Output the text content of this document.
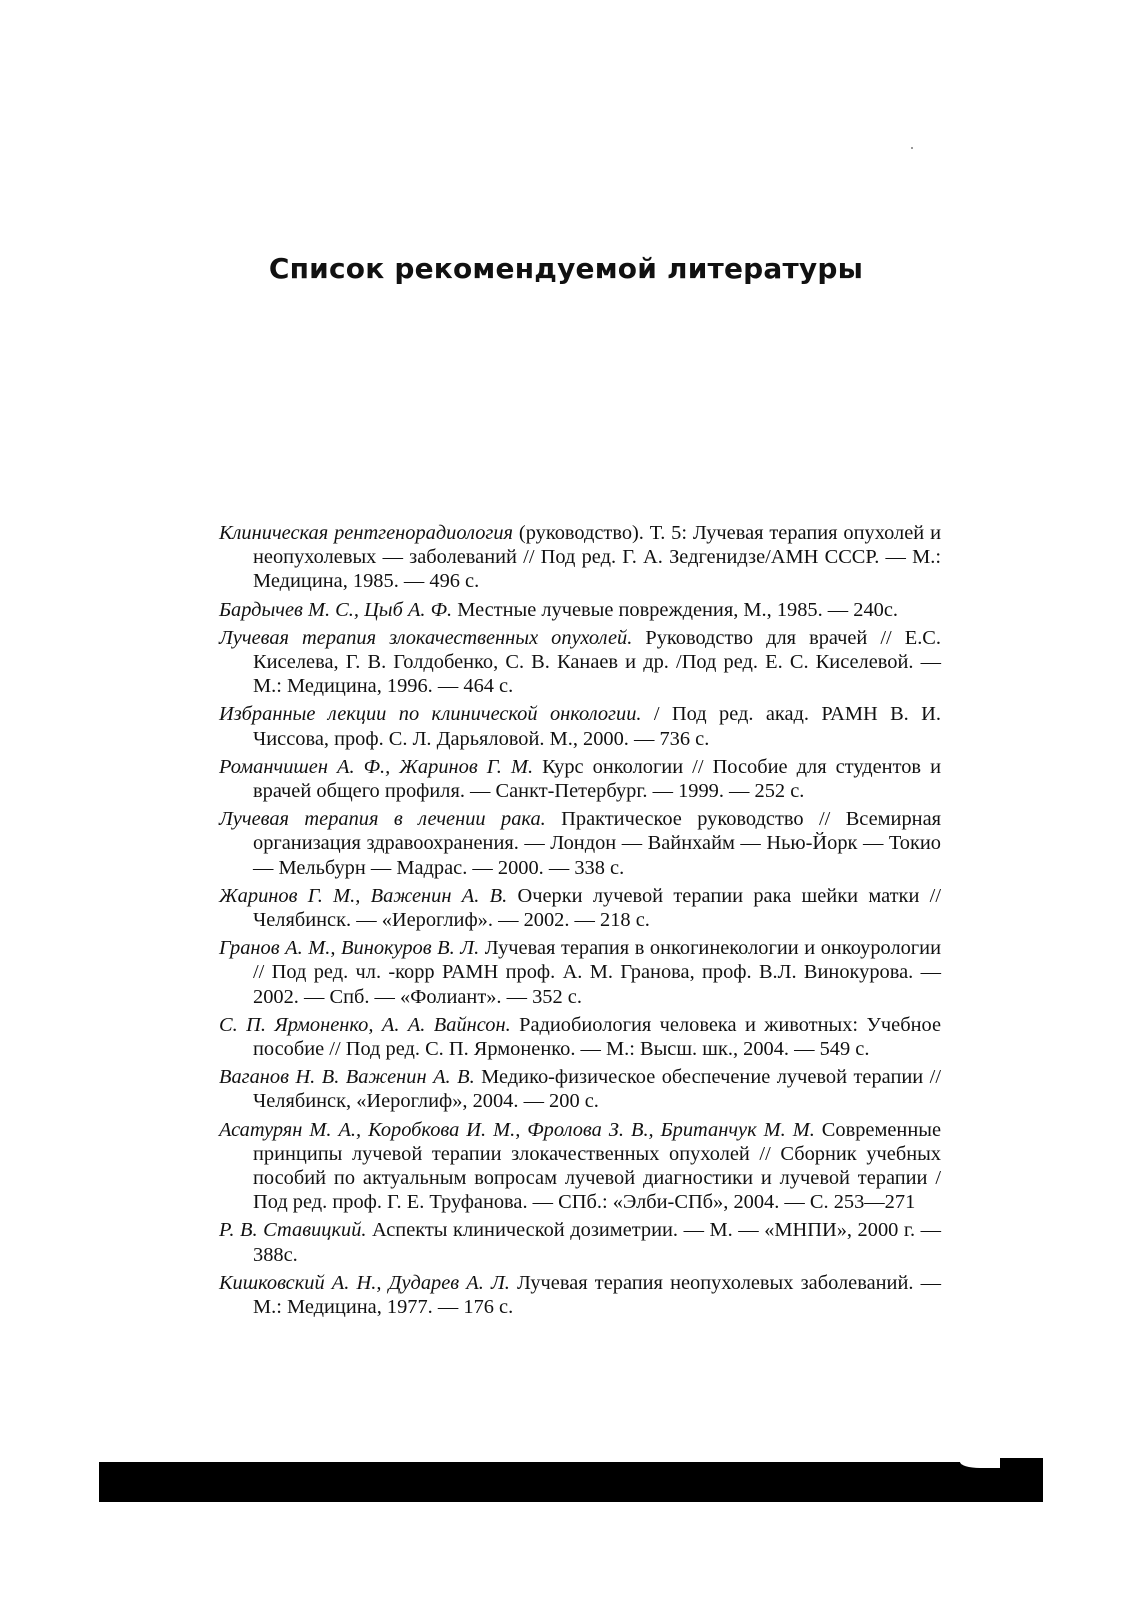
Список рекомендуемой литературы

Клиническая рентгенорадиология (руководство). Т. 5: Лучевая терапия опухолей и неопухолевых — заболеваний // Под ред. Г. А. Зедгенидзе/АМН СССР. — М.: Медицина, 1985. — 496 с.

Бардычев М. С., Цыб А. Ф. Местные лучевые повреждения, М., 1985. — 240с.

Лучевая терапия злокачественных опухолей. Руководство для врачей // Е.С. Киселева, Г. В. Голдобенко, С. В. Канаев и др. /Под ред. Е. С. Киселевой. — М.: Медицина, 1996. — 464 с.

Избранные лекции по клинической онкологии. / Под ред. акад. РАМН В. И. Чиссова, проф. С. Л. Дарьяловой. М., 2000. — 736 с.

Романчишен А. Ф., Жаринов Г. М. Курс онкологии // Пособие для студентов и врачей общего профиля. — Санкт-Петербург. — 1999. — 252 с.

Лучевая терапия в лечении рака. Практическое руководство // Всемирная организация здравоохранения. — Лондон — Вайнхайм — Нью-Йорк — Токио — Мельбурн — Мадрас. — 2000. — 338 с.

Жаринов Г. М., Важенин А. В. Очерки лучевой терапии рака шейки матки // Челябинск. — «Иероглиф». — 2002. — 218 с.

Гранов А. М., Винокуров В. Л. Лучевая терапия в онкогинекологии и онкоурологии // Под ред. чл. -корр РАМН проф. А. М. Гранова, проф. В.Л. Винокурова. — 2002. — Спб. — «Фолиант». — 352 с.

С. П. Ярмоненко, А. А. Вайнсон. Радиобиология человека и животных: Учебное пособие // Под ред. С. П. Ярмоненко. — М.: Высш. шк., 2004. — 549 с.

Ваганов Н. В. Важенин А. В. Медико-физическое обеспечение лучевой терапии // Челябинск, «Иероглиф», 2004. — 200 с.

Асатурян М. А., Коробкова И. М., Фролова З. В., Британчук М. М. Современные принципы лучевой терапии злокачественных опухолей // Сборник учебных пособий по актуальным вопросам лучевой диагностики и лучевой терапии / Под ред. проф. Г. Е. Труфанова. — СПб.: «Элби-СПб», 2004. — С. 253—271

Р. В. Ставицкий. Аспекты клинической дозиметрии. — М. — «МНПИ», 2000 г. — 388с.

Кишковский А. Н., Дударев А. Л. Лучевая терапия неопухолевых заболеваний. — М.: Медицина, 1977. — 176 с.
